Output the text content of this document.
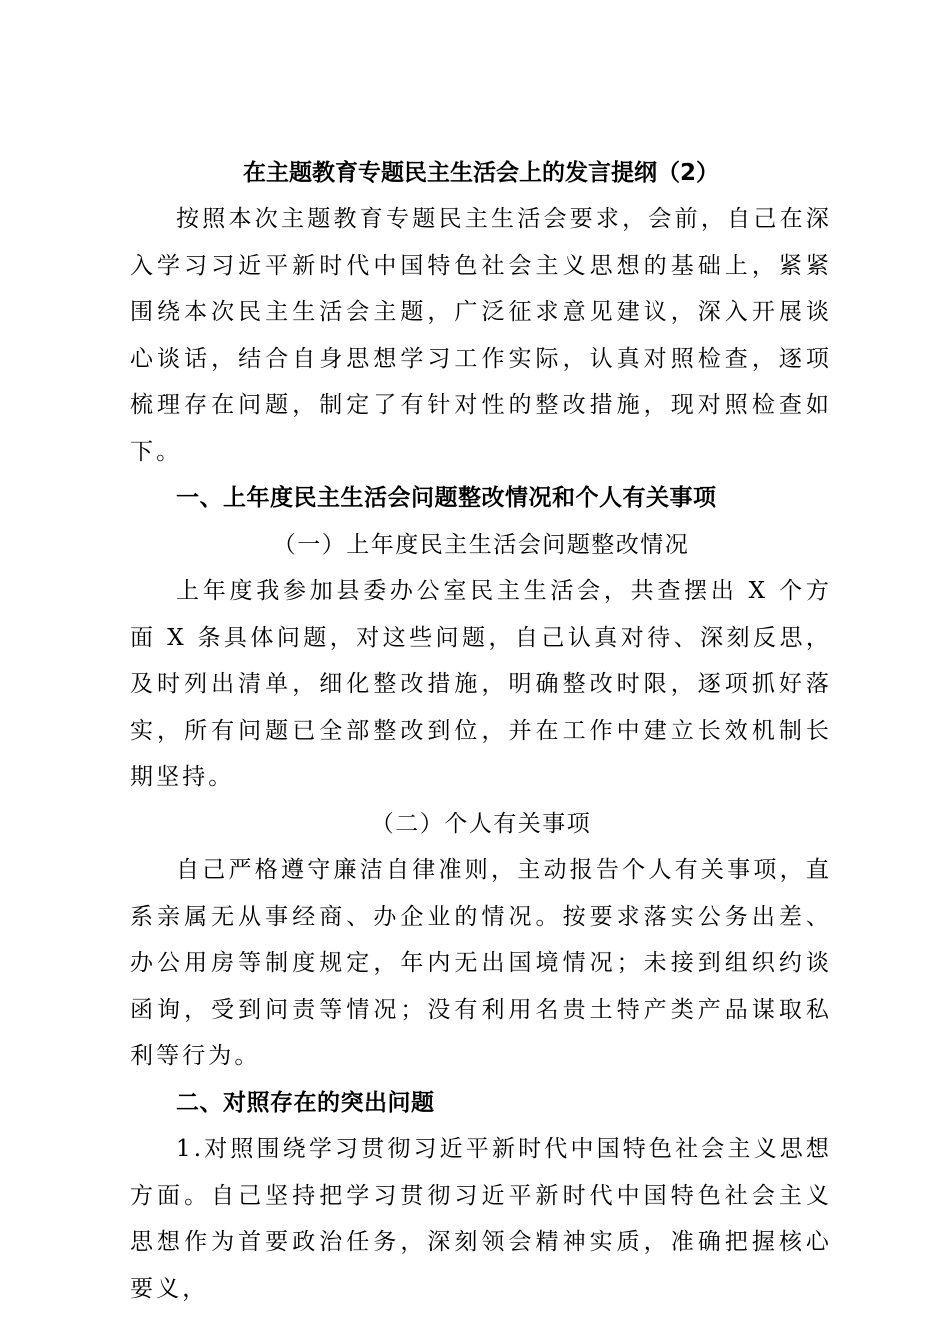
在主题教育专题民主生活会上的发言提纲（2）

按照本次主题教育专题民主生活会要求，会前，自己在深入学习习近平新时代中国特色社会主义思想的基础上，紧紧围绕本次民主生活会主题，广泛征求意见建议，深入开展谈心谈话，结合自身思想学习工作实际，认真对照检查，逐项梳理存在问题，制定了有针对性的整改措施，现对照检查如下。

一、上年度民主生活会问题整改情况和个人有关事项

（一）上年度民主生活会问题整改情况

上年度我参加县委办公室民主生活会，共查摆出 X 个方面 X 条具体问题，对这些问题，自己认真对待、深刻反思，及时列出清单，细化整改措施，明确整改时限，逐项抓好落实，所有问题已全部整改到位，并在工作中建立长效机制长期坚持。

（二）个人有关事项

自己严格遵守廉洁自律准则，主动报告个人有关事项，直系亲属无从事经商、办企业的情况。按要求落实公务出差、办公用房等制度规定，年内无出国境情况；未接到组织约谈函询，受到问责等情况；没有利用名贵土特产类产品谋取私利等行为。

二、对照存在的突出问题

1.对照围绕学习贯彻习近平新时代中国特色社会主义思想方面。自己坚持把学习贯彻习近平新时代中国特色社会主义思想作为首要政治任务，深刻领会精神实质，准确把握核心要义，
